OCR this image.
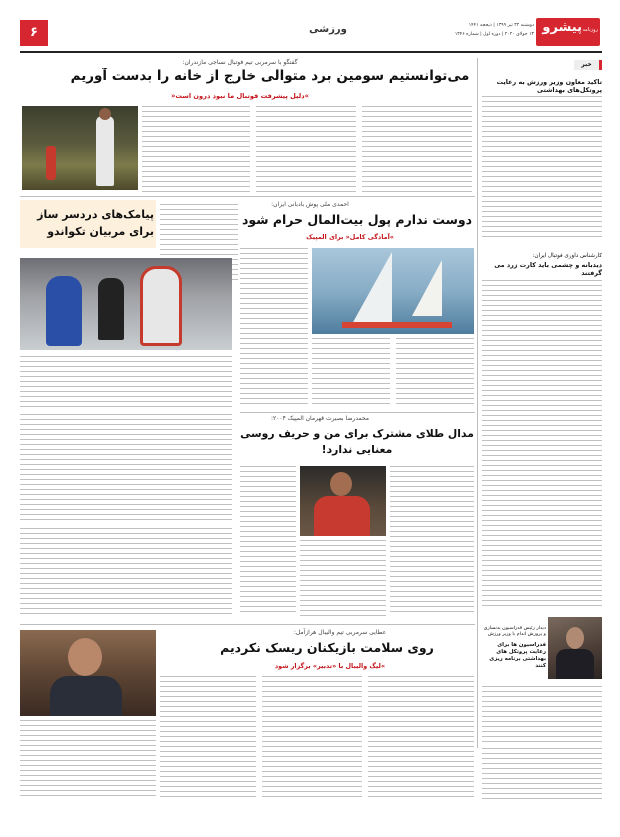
۶	ورزشی	پیشرو روزنامه
دوشنبه ۳۲ تیر ۱۳۹۹ | ذیحجه ۱۴۴۱
۱۳ جولای ۲۰۲۰ | دوره اول | شماره ۱۳۴۶
خبر
تاکید معاون وزیر ورزش به رعایت پروتکل‌های بهداشتی
کارشناس داوری فوتبال ایران:
دیدبانه و چشمی باید کارت زرد می گرفتند
دیدار رئیس فدراسیون بدنسازی و پرورش اندام با وزیر ورزش
فدراسیون ها برای رعایت پروتکل های بهداشتی برنامه ریزی کنند
گفتگو با سرمربی تیم فوتبال نساجی مازندران:
می‌توانستیم سومین برد متوالی خارج از خانه را بدست آوریم
»دلیل پیشرفت فوتبال ما نبود درون است«
پیامک‌های دردسر ساز برای مربیان تکواندو
احمدی ملی پوش بادبانی ایران:
دوست ندارم پول بیت‌المال حرام شود
»آمادگی کامل« برای المپیک
محمدرضا بصیرت قهرمان المپیک ۲۰۰۴:
مدال طلای مشترک برای من و حریف روسی معنایی ندارد!
عطایی سرمربی تیم والیبال هرازآمل:
روی سلامت بازیکنان ریسک نکردیم
»لیگ والیبال با «تدبیر» برگزار شود
